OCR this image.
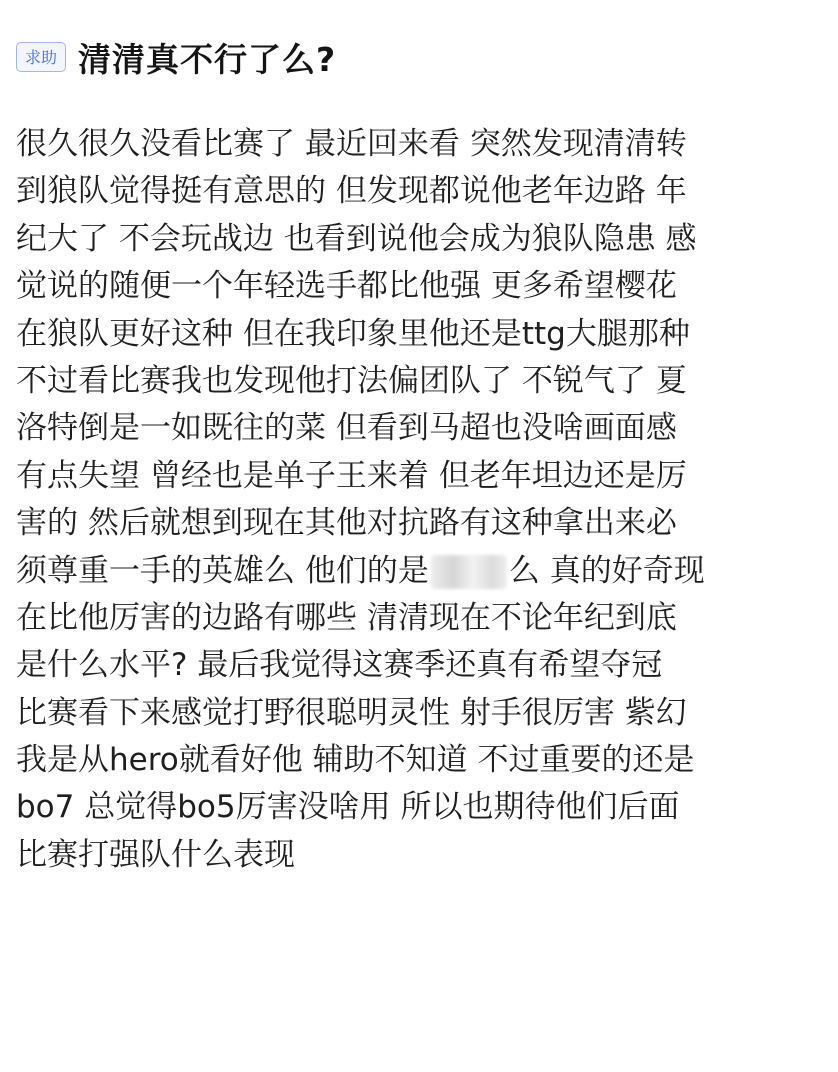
求助 清清真不行了么?
很久很久没看比赛了 最近回来看 突然发现清清转
到狼队觉得挺有意思的 但发现都说他老年边路 年
纪大了 不会玩战边 也看到说他会成为狼队隐患 感
觉说的随便一个年轻选手都比他强 更多希望樱花
在狼队更好这种 但在我印象里他还是ttg大腿那种
不过看比赛我也发现他打法偏团队了 不锐气了 夏
洛特倒是一如既往的菜 但看到马超也没啥画面感
有点失望 曾经也是单子王来着 但老年坦边还是厉
害的 然后就想到现在其他对抗路有这种拿出来必
须尊重一手的英雄么 他们的是	么 真的好奇现
在比他厉害的边路有哪些 清清现在不论年纪到底
是什么水平? 最后我觉得这赛季还真有希望夺冠
比赛看下来感觉打野很聪明灵性 射手很厉害 紫幻
我是从hero就看好他 辅助不知道 不过重要的还是
bo7 总觉得bo5厉害没啥用 所以也期待他们后面
比赛打强队什么表现
